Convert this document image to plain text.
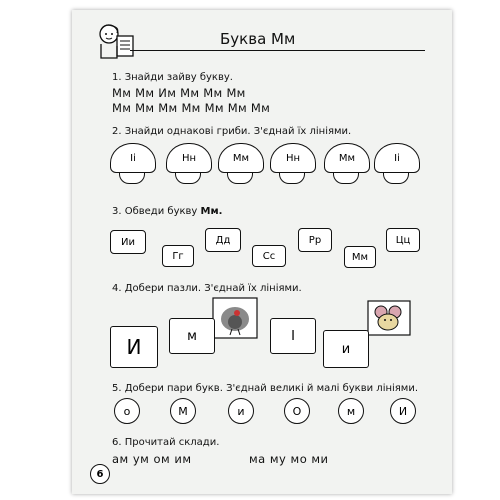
Буква Мм
1. Знайди зайву букву.
Мм Мм Им Мм Мм Мм
Мм Мм Мм Мм Мм Мм Мм
2. Знайди однакові гриби. З'єднай їх лініями.
Іі	Нн	Мм	Нн	Мм	Іі
3. Обведи букву Мм.
Ии
Гг
Дд
Сс
Рр
Мм
Цц
4. Добери пазли. З'єднай їх лініями.
И	м	І
и
5. Добери пари букв. З'єднай великі й малі букви лініями.
о	М	и	О	м	И
6. Прочитай склади.
ам ум ом им	ма му мо ми
6
